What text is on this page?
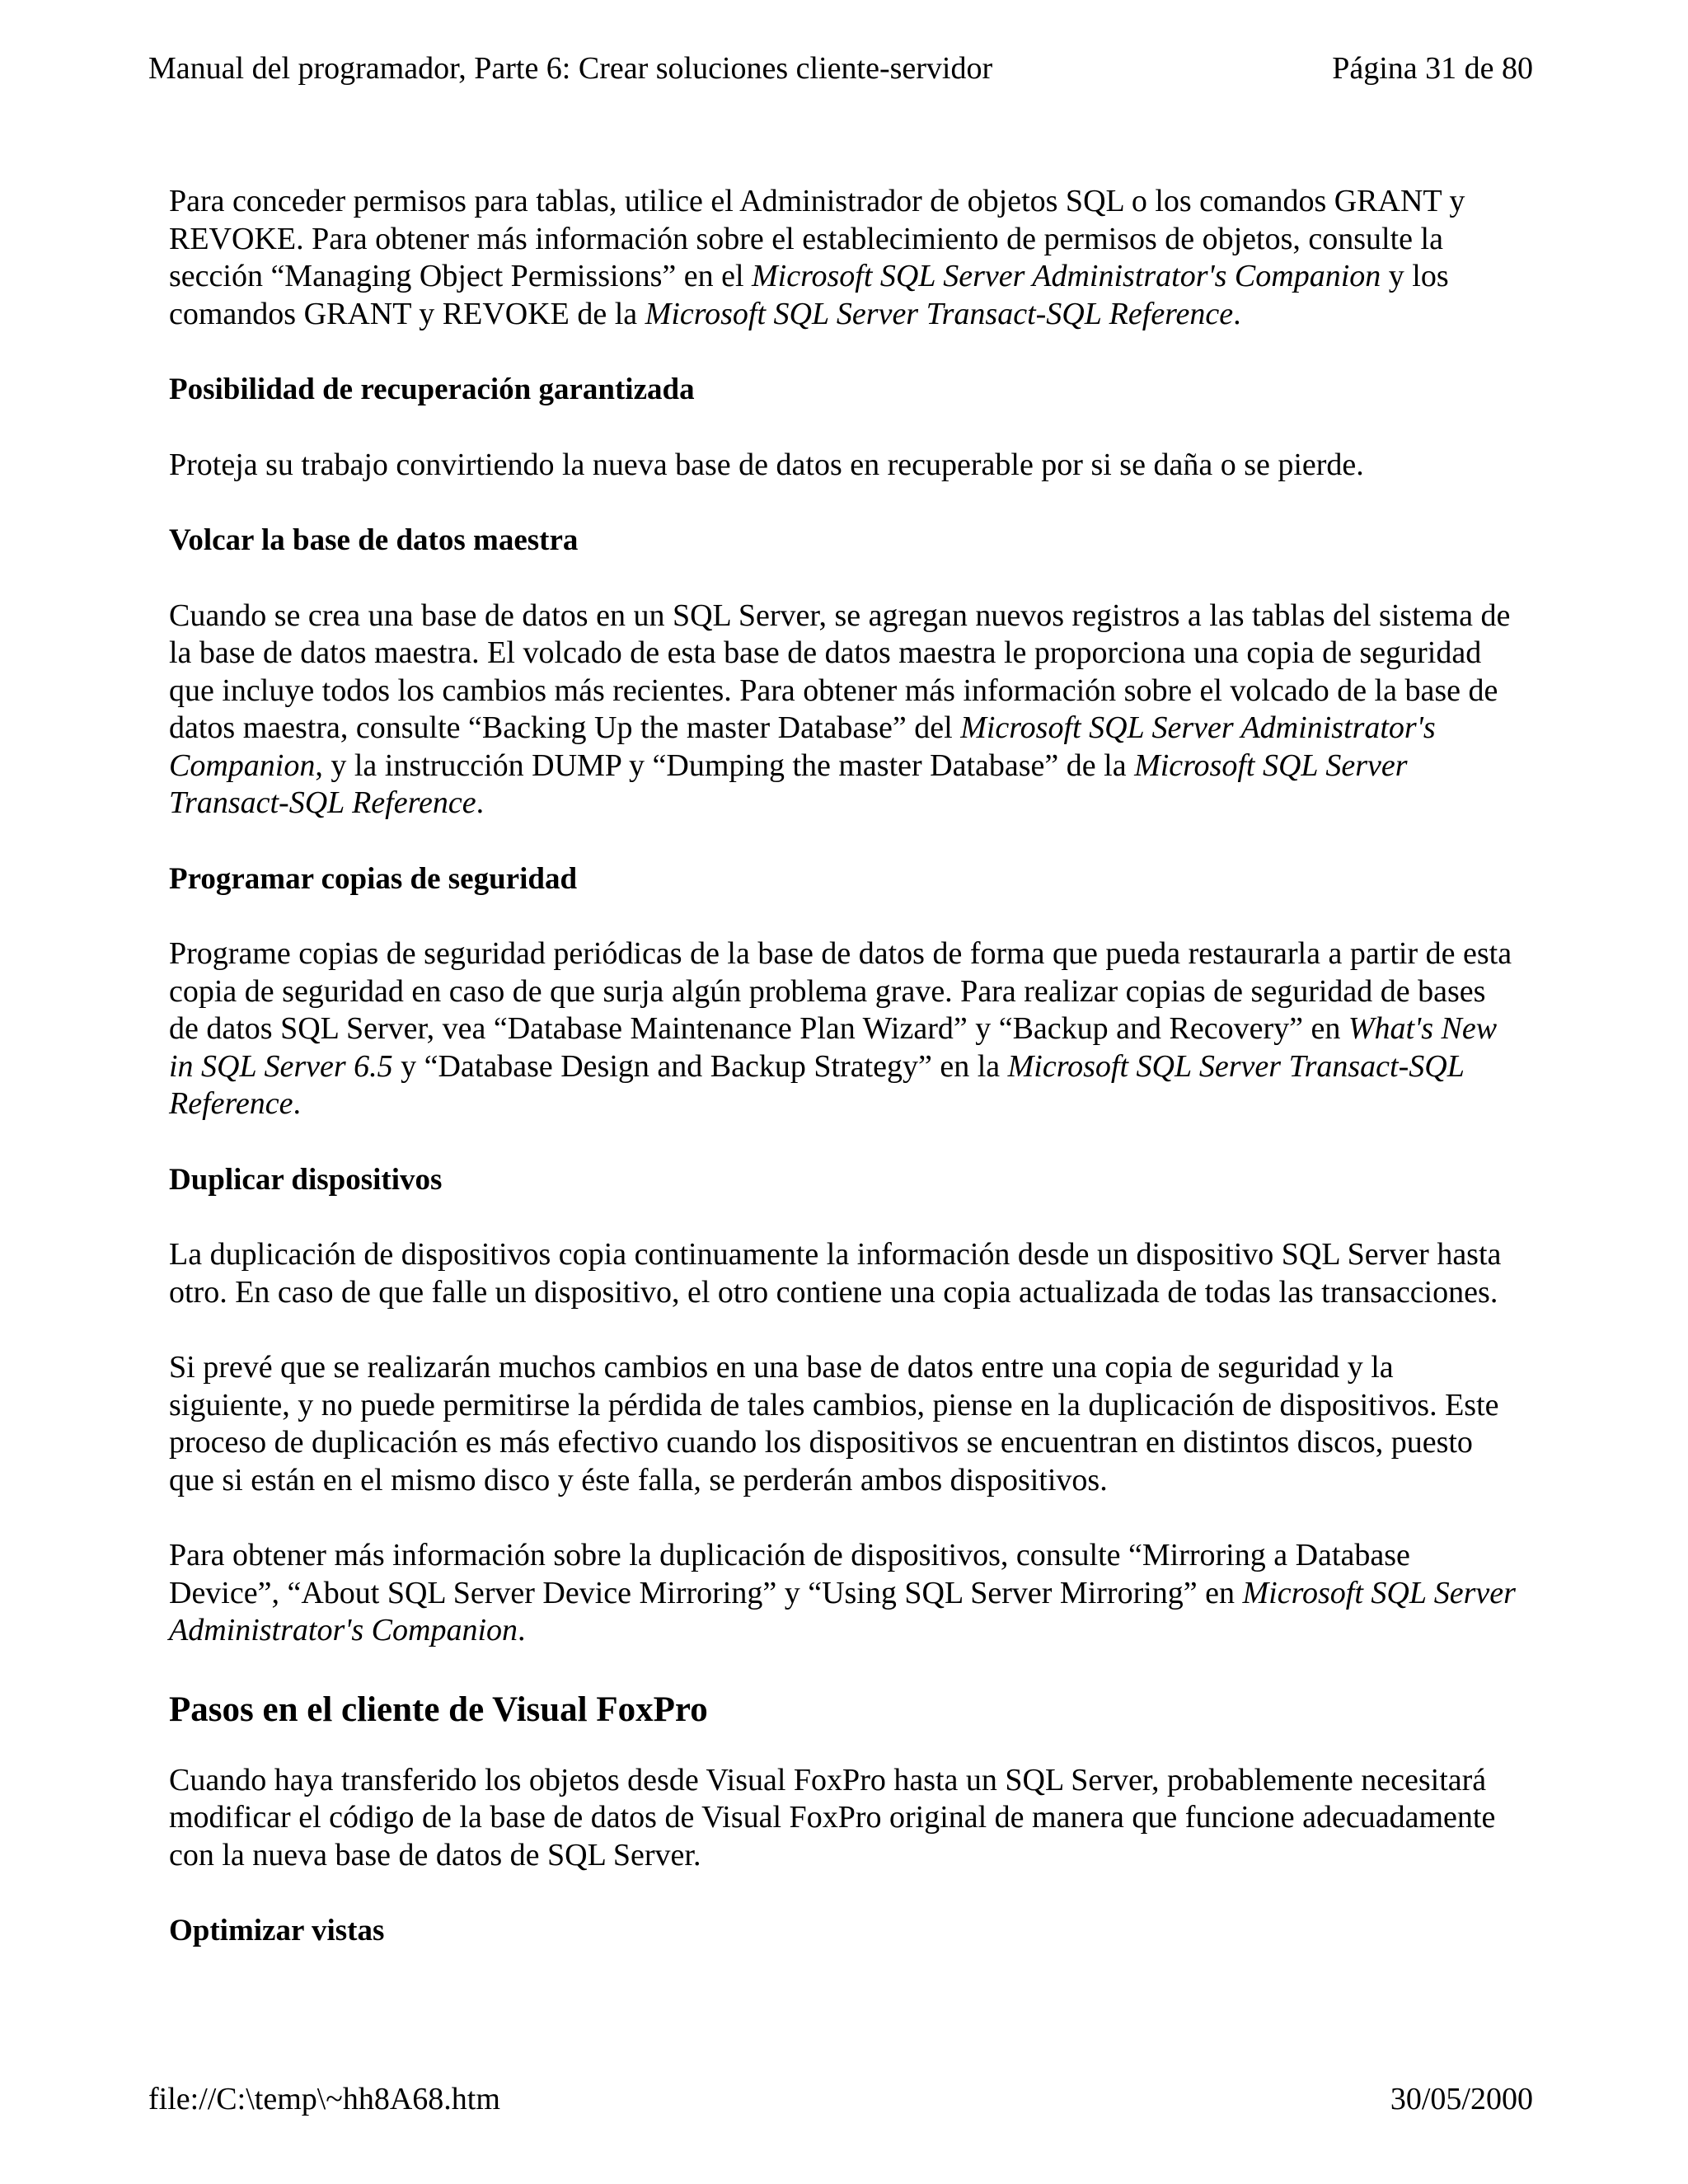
Manual del programador, Parte 6: Crear soluciones cliente-servidor	Página 31 de 80

Para conceder permisos para tablas, utilice el Administrador de objetos SQL o los comandos GRANT y REVOKE. Para obtener más información sobre el establecimiento de permisos de objetos, consulte la sección “Managing Object Permissions” en el Microsoft SQL Server Administrator's Companion y los comandos GRANT y REVOKE de la Microsoft SQL Server Transact-SQL Reference.

Posibilidad de recuperación garantizada

Proteja su trabajo convirtiendo la nueva base de datos en recuperable por si se daña o se pierde.

Volcar la base de datos maestra

Cuando se crea una base de datos en un SQL Server, se agregan nuevos registros a las tablas del sistema de la base de datos maestra. El volcado de esta base de datos maestra le proporciona una copia de seguridad que incluye todos los cambios más recientes. Para obtener más información sobre el volcado de la base de datos maestra, consulte “Backing Up the master Database” del Microsoft SQL Server Administrator's Companion, y la instrucción DUMP y “Dumping the master Database” de la Microsoft SQL Server Transact-SQL Reference.

Programar copias de seguridad

Programe copias de seguridad periódicas de la base de datos de forma que pueda restaurarla a partir de esta copia de seguridad en caso de que surja algún problema grave. Para realizar copias de seguridad de bases de datos SQL Server, vea “Database Maintenance Plan Wizard” y “Backup and Recovery” en What's New in SQL Server 6.5 y “Database Design and Backup Strategy” en la Microsoft SQL Server Transact-SQL Reference.

Duplicar dispositivos

La duplicación de dispositivos copia continuamente la información desde un dispositivo SQL Server hasta otro. En caso de que falle un dispositivo, el otro contiene una copia actualizada de todas las transacciones.

Si prevé que se realizarán muchos cambios en una base de datos entre una copia de seguridad y la siguiente, y no puede permitirse la pérdida de tales cambios, piense en la duplicación de dispositivos. Este proceso de duplicación es más efectivo cuando los dispositivos se encuentran en distintos discos, puesto que si están en el mismo disco y éste falla, se perderán ambos dispositivos.

Para obtener más información sobre la duplicación de dispositivos, consulte “Mirroring a Database Device”, “About SQL Server Device Mirroring” y “Using SQL Server Mirroring” en Microsoft SQL Server Administrator's Companion.

Pasos en el cliente de Visual FoxPro

Cuando haya transferido los objetos desde Visual FoxPro hasta un SQL Server, probablemente necesitará modificar el código de la base de datos de Visual FoxPro original de manera que funcione adecuadamente con la nueva base de datos de SQL Server.

Optimizar vistas
file://C:\temp\~hh8A68.htm	30/05/2000
